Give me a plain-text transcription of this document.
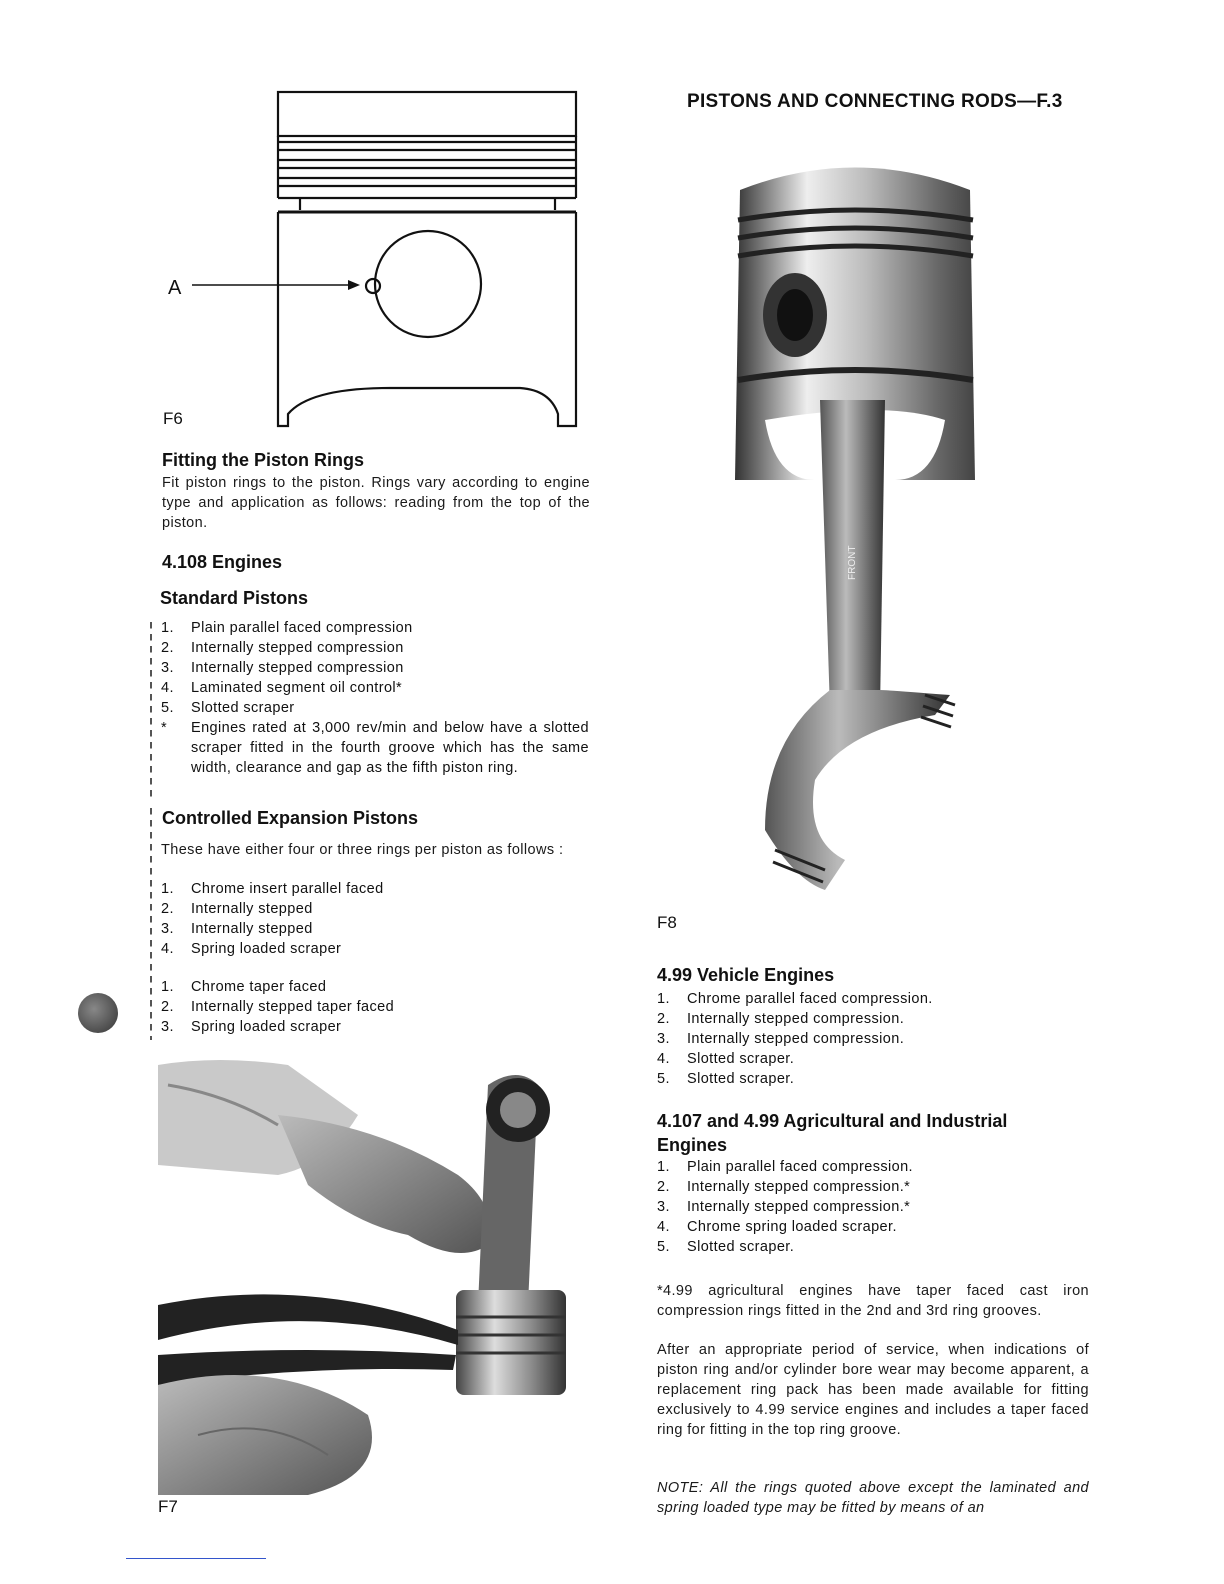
PISTONS AND CONNECTING RODS—F.3
A
F6
Fitting the Piston Rings
Fit piston rings to the piston. Rings vary according to engine type and application as follows: reading from the top of the piston.
4.108 Engines
Standard Pistons
1.	Plain parallel faced compression
2.	Internally stepped compression
3.	Internally stepped compression
4.	Laminated segment oil control*
5.	Slotted scraper
*	Engines rated at 3,000 rev/min and below have a slotted scraper fitted in the fourth groove which has the same width, clearance and gap as the fifth piston ring.
Controlled Expansion Pistons
These have either four or three rings per piston as follows :
1.	Chrome insert parallel faced
2.	Internally stepped
3.	Internally stepped
4.	Spring loaded scraper
1.	Chrome taper faced
2.	Internally stepped taper faced
3.	Spring loaded scraper
F7
FRONT
F8
4.99 Vehicle Engines
1.	Chrome parallel faced compression.
2.	Internally stepped compression.
3.	Internally stepped compression.
4.	Slotted scraper.
5.	Slotted scraper.
4.107 and 4.99 Agricultural and Industrial Engines
1.	Plain parallel faced compression.
2.	Internally stepped compression.*
3.	Internally stepped compression.*
4.	Chrome spring loaded scraper.
5.	Slotted scraper.
*4.99 agricultural engines have taper faced cast iron compression rings fitted in the 2nd and 3rd ring grooves.
After an appropriate period of service, when indications of piston ring and/or cylinder bore wear may become apparent, a replacement ring pack has been made available for fitting exclusively to 4.99 service engines and includes a taper faced ring for fitting in the top ring groove.
NOTE: All the rings quoted above except the laminated and spring loaded type may be fitted by means of an
